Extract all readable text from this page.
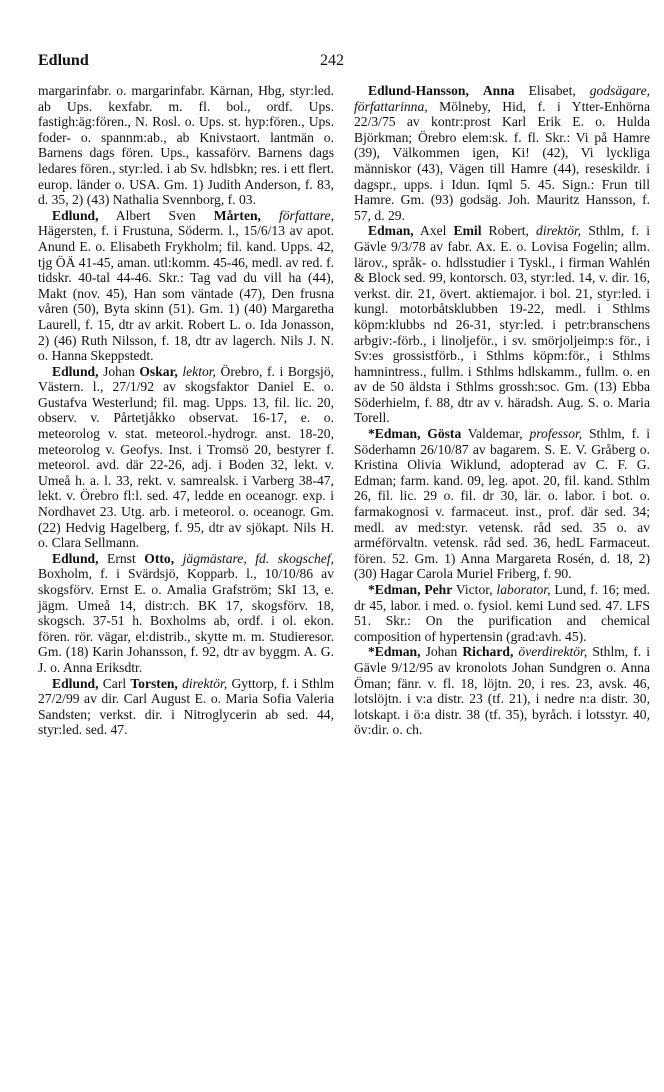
Edlund	242

margarinfabr. o. margarinfabr. Kärnan, Hbg, styr:led. ab Ups. kexfabr. m. fl. bol., ordf. Ups. fastigh:äg:fören., N. Rosl. o. Ups. st. hyp:fören., Ups. foder- o. spannm:ab., ab Knivstaort. lantmän o. Barnens dags fören. Ups., kassaförv. Barnens dags ledares fören., styr:led. i ab Sv. hdlsbkn; res. i ett flert. europ. länder o. USA. Gm. 1) Judith Anderson, f. 83, d. 35, 2) (43) Nathalia Svennborg, f. 03.

Edlund, Albert Sven Mårten, författare, Hägersten, f. i Frustuna, Söderm. l., 15/6/13 av apot. Anund E. o. Elisabeth Frykholm; fil. kand. Upps. 42, tjg ÖÄ 41-45, aman. utl:komm. 45-46, medl. av red. f. tidskr. 40-tal 44-46. Skr.: Tag vad du vill ha (44), Makt (nov. 45), Han som väntade (47), Den frusna våren (50), Byta skinn (51). Gm. 1) (40) Margaretha Laurell, f. 15, dtr av arkit. Robert L. o. Ida Jonasson, 2) (46) Ruth Nilsson, f. 18, dtr av lagerch. Nils J. N. o. Hanna Skeppstedt.

Edlund, Johan Oskar, lektor, Örebro, f. i Borgsjö, Västern. l., 27/1/92 av skogsfaktor Daniel E. o. Gustafva Westerlund; fil. mag. Upps. 13, fil. lic. 20, observ. v. Pårtetjåkko observat. 16-17, e. o. meteorolog v. stat. meteorol.-hydrogr. anst. 18-20, meteorolog v. Geofys. Inst. i Tromsö 20, bestyrer f. meteorol. avd. där 22-26, adj. i Boden 32, lekt. v. Umeå h. a. l. 33, rekt. v. samrealsk. i Varberg 38-47, lekt. v. Örebro fl:l. sed. 47, ledde en oceanogr. exp. i Nordhavet 23. Utg. arb. i meteorol. o. oceanogr. Gm. (22) Hedvig Hagelberg, f. 95, dtr av sjökapt. Nils H. o. Clara Sellmann.

Edlund, Ernst Otto, jägmästare, fd. skogschef, Boxholm, f. i Svärdsjö, Kopparb. l., 10/10/86 av skogsförv. Ernst E. o. Amalia Grafström; SkI 13, e. jägm. Umeå 14, distr:ch. BK 17, skogsförv. 18, skogsch. 37-51 h. Boxholms ab, ordf. i ol. ekon. fören. rör. vägar, el:distrib., skytte m. m. Studieresor. Gm. (18) Karin Johansson, f. 92, dtr av byggm. A. G. J. o. Anna Eriksdtr.

Edlund, Carl Torsten, direktör, Gyttorp, f. i Sthlm 27/2/99 av dir. Carl August E. o. Maria Sofia Valeria Sandsten; verkst. dir. i Nitroglycerin ab sed. 44, styr:led. sed. 47.

Edlund-Hansson, Anna Elisabet, godsägare, författarinna, Mölneby, Hid, f. i Ytter-Enhörna 22/3/75 av kontr:prost Karl Erik E. o. Hulda Björkman; Örebro elem:sk. f. fl. Skr.: Vi på Hamre (39), Välkommen igen, Ki! (42), Vi lyckliga människor (43), Vägen till Hamre (44), reseskildr. i dagspr., upps. i Idun. Iqml 5. 45. Sign.: Frun till Hamre. Gm. (93) godsäg. Joh. Mauritz Hansson, f. 57, d. 29.

Edman, Axel Emil Robert, direktör, Sthlm, f. i Gävle 9/3/78 av fabr. Ax. E. o. Lovisa Fogelin; allm. lärov., språk- o. hdlsstudier i Tyskl., i firman Wahlén & Block sed. 99, kontorsch. 03, styr:led. 14, v. dir. 16, verkst. dir. 21, övert. aktiemajor. i bol. 21, styr:led. i kungl. motorbåtsklubben 19-22, medl. i Sthlms köpm:klubbs nd 26-31, styr:led. i petr:branschens arbgiv:-förb., i linoljeför., i sv. smörjoljeimp:s för., i Sv:es grossistförb., i Sthlms köpm:för., i Sthlms hamnintress., fullm. i Sthlms hdlskamm., fullm. o. en av de 50 äldsta i Sthlms grossh:soc. Gm. (13) Ebba Söderhielm, f. 88, dtr av v. häradsh. Aug. S. o. Maria Torell.

*Edman, Gösta Valdemar, professor, Sthlm, f. i Söderhamn 26/10/87 av bagarem. S. E. V. Gråberg o. Kristina Olivia Wiklund, adopterad av C. F. G. Edman; farm. kand. 09, leg. apot. 20, fil. kand. Sthlm 26, fil. lic. 29 o. fil. dr 30, lär. o. labor. i bot. o. farmakognosi v. farmaceut. inst., prof. där sed. 34; medl. av med:styr. vetensk. råd sed. 35 o. av arméförvaltn. vetensk. råd sed. 36, hedL Farmaceut. fören. 52. Gm. 1) Anna Margareta Rosén, d. 18, 2) (30) Hagar Carola Muriel Friberg, f. 90.

*Edman, Pehr Victor, laborator, Lund, f. 16; med. dr 45, labor. i med. o. fysiol. kemi Lund sed. 47. LFS 51. Skr.: On the purification and chemical composition of hypertensin (grad:avh. 45).

*Edman, Johan Richard, överdirektör, Sthlm, f. i Gävle 9/12/95 av kronolots Johan Sundgren o. Anna Öman; fänr. v. fl. 18, löjtn. 20, i res. 23, avsk. 46, lotslöjtn. i v:a distr. 23 (tf. 21), i nedre n:a distr. 30, lotskapt. i ö:a distr. 38 (tf. 35), byråch. i lotsstyr. 40, öv:dir. o. ch.
